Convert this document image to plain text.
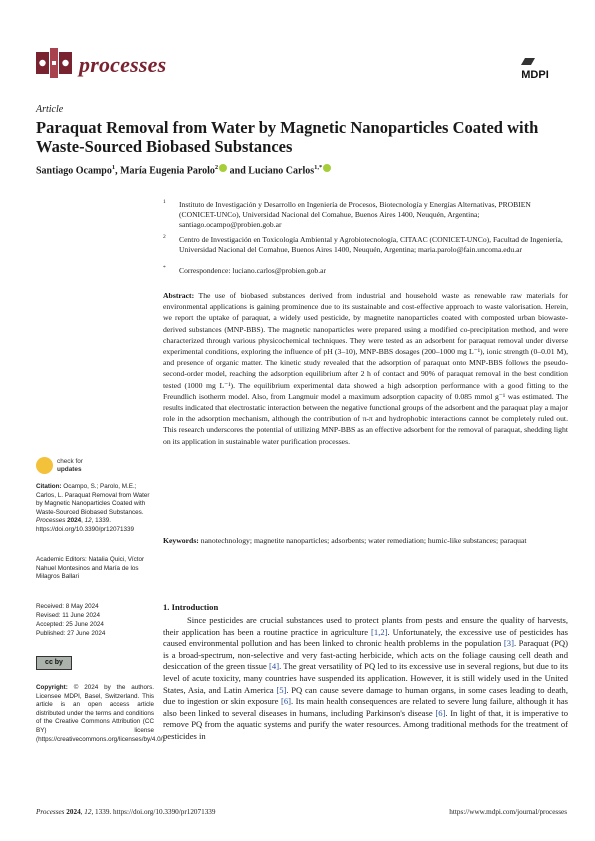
processes	MDPI
Article
Paraquat Removal from Water by Magnetic Nanoparticles Coated with Waste-Sourced Biobased Substances
Santiago Ocampo$^1$, María Eugenia Parolo$^2$ and Luciano Carlos$^{1,*}$
1 Instituto de Investigación y Desarrollo en Ingeniería de Procesos, Biotecnología y Energías Alternativas, PROBIEN (CONICET-UNCo), Universidad Nacional del Comahue, Buenos Aires 1400, Neuquén, Argentina; santiago.ocampo@probien.gob.ar
2 Centro de Investigación en Toxicología Ambiental y Agrobiotecnología, CITAAC (CONICET-UNCo), Facultad de Ingeniería, Universidad Nacional del Comahue, Buenos Aires 1400, Neuquén, Argentina; maria.parolo@fain.uncoma.edu.ar
* Correspondence: luciano.carlos@probien.gob.ar

Abstract: The use of biobased substances derived from industrial and household waste as renewable raw materials for environmental applications is gaining prominence due to its sustainable and cost-effective approach to waste valorisation. Herein, we report the uptake of paraquat, a widely used pesticide, by magnetite nanoparticles coated with composted urban biowaste-derived substances (MNP-BBS). The magnetic nanoparticles were prepared using a modified co-precipitation method, and were characterized through various physicochemical techniques. They were tested as an adsorbent for paraquat removal under diverse experimental conditions, exploring the influence of pH (3–10), MNP-BBS dosages (200–1000 mg L⁻¹), ionic strength (0–0.01 M), and presence of organic matter. The kinetic study revealed that the adsorption of paraquat onto MNP-BBS follows the pseudo-second-order model, reaching the adsorption equilibrium after 2 h of contact and 90% of paraquat removal in the best condition tested (1000 mg L⁻¹). The equilibrium experimental data showed a high adsorption performance with a good fitting to the Freundlich isotherm model. Also, from Langmuir model a maximum adsorption capacity of 0.085 mmol g⁻¹ was estimated. The results indicated that electrostatic interaction between the negative functional groups of the adsorbent and the paraquat play a major role in the adsorption mechanism, although the contribution of π-π and hydrophobic interactions cannot be completely ruled out. This research underscores the potential of utilizing MNP-BBS as an effective adsorbent for the removal of paraquat, shedding light on its application in sustainable water purification processes.

Keywords: nanotechnology; magnetite nanoparticles; adsorbents; water remediation; humic-like substances; paraquat

check for
updates
Citation: Ocampo, S.; Parolo, M.E.; Carlos, L. Paraquat Removal from Water by Magnetic Nanoparticles Coated with Waste-Sourced Biobased Substances. Processes 2024, 12, 1339. https://doi.org/10.3390/pr12071339
Academic Editors: Natalia Quici, Víctor Nahuel Montesinos and María de los Milagros Ballari
Received: 8 May 2024
Revised: 11 June 2024
Accepted: 25 June 2024
Published: 27 June 2024
cc by
Copyright: © 2024 by the authors. Licensee MDPI, Basel, Switzerland. This article is an open access article distributed under the terms and conditions of the Creative Commons Attribution (CC BY) license (https://creativecommons.org/licenses/by/4.0/).
1. Introduction

Since pesticides are crucial substances used to protect plants from pests and ensure the quality of harvests, their application has been a routine practice in agriculture [1,2]. Unfortunately, the excessive use of pesticides has caused environmental pollution and has been linked to chronic health problems in the population [3]. Paraquat (PQ) is a broad-spectrum, non-selective and very fast-acting herbicide, which acts on the foliage causing cell death and desiccation of the green tissue [4]. The great versatility of PQ led to its excessive use in several regions, but due to its level of acute toxicity, many countries have suspended its application. However, it is still widely used in the United States, Asia, and Latin America [5]. PQ can cause severe damage to human organs, in some cases leading to death, due to ingestion or skin exposure [6]. Its main health consequences are related to severe lung failure, although it has also been linked to several diseases in humans, including Parkinson's disease [6]. In light of that, it is imperative to remove PQ from the aquatic systems and purify the water resources. Among traditional methods for the treatment of pesticides in

Processes 2024, 12, 1339. https://doi.org/10.3390/pr12071339	https://www.mdpi.com/journal/processes
